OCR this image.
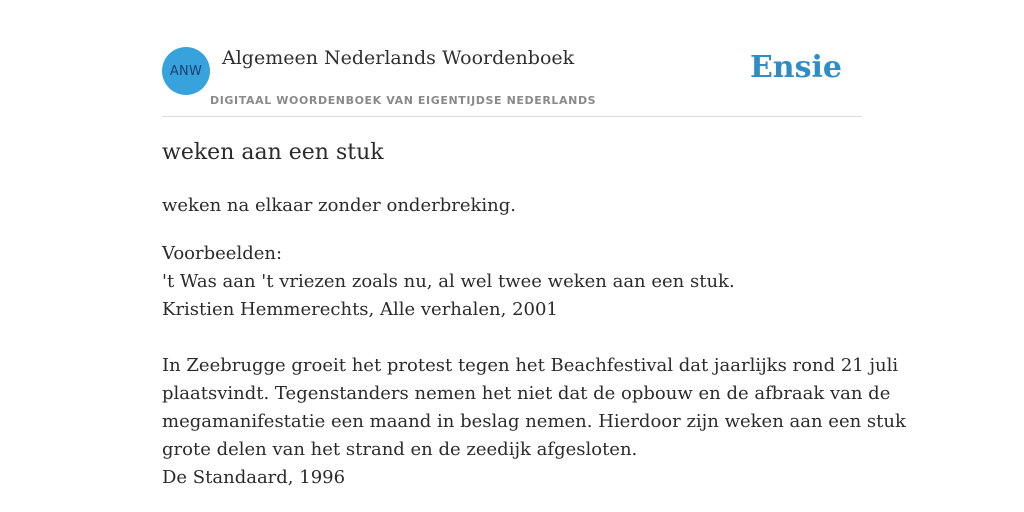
ANW
Algemeen Nederlands Woordenboek
DIGITAAL WOORDENBOEK VAN EIGENTIJDSE NEDERLANDS
Ensie
weken aan een stuk
weken na elkaar zonder onderbreking.
Voorbeelden:
't Was aan 't vriezen zoals nu, al wel twee weken aan een stuk.
Kristien Hemmerechts, Alle verhalen, 2001
In Zeebrugge groeit het protest tegen het Beachfestival dat jaarlijks rond 21 juli
plaatsvindt. Tegenstanders nemen het niet dat de opbouw en de afbraak van de
megamanifestatie een maand in beslag nemen. Hierdoor zijn weken aan een stuk
grote delen van het strand en de zeedijk afgesloten.
De Standaard, 1996
